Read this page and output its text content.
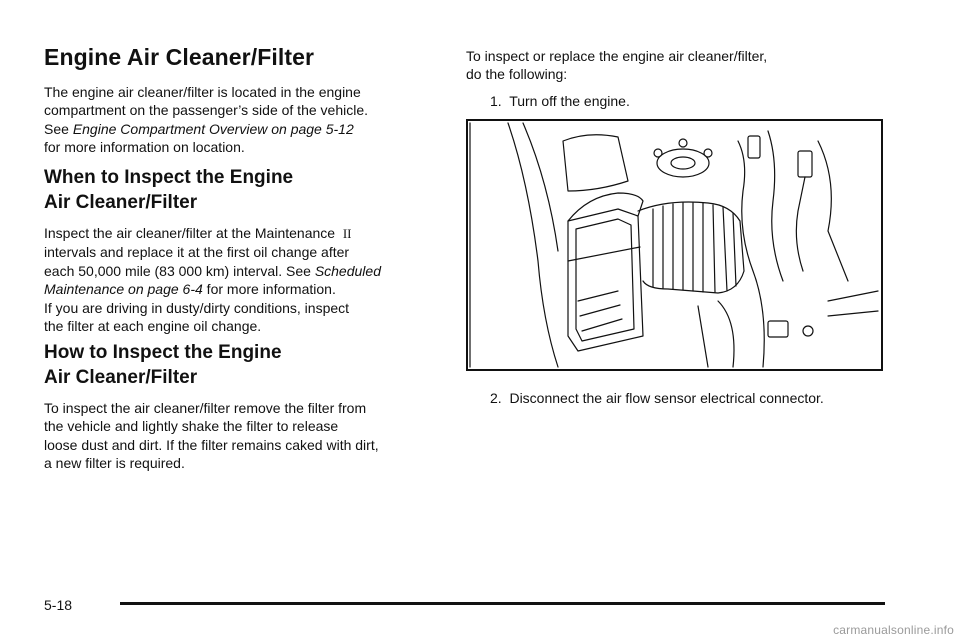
Engine Air Cleaner/Filter

The engine air cleaner/filter is located in the engine
compartment on the passenger’s side of the vehicle.
See Engine Compartment Overview on page 5-12
for more information on location.

When to Inspect the Engine
Air Cleaner/Filter

Inspect the air cleaner/filter at the Maintenance II
intervals and replace it at the first oil change after
each 50,000 mile (83 000 km) interval. See Scheduled
Maintenance on page 6-4 for more information.
If you are driving in dusty/dirty conditions, inspect
the filter at each engine oil change.

How to Inspect the Engine
Air Cleaner/Filter

To inspect the air cleaner/filter remove the filter from
the vehicle and lightly shake the filter to release
loose dust and dirt. If the filter remains caked with dirt,
a new filter is required.

To inspect or replace the engine air cleaner/filter,
do the following:

1.  Turn off the engine.

2.  Disconnect the air flow sensor electrical connector.

5-18
carmanualsonline.info
